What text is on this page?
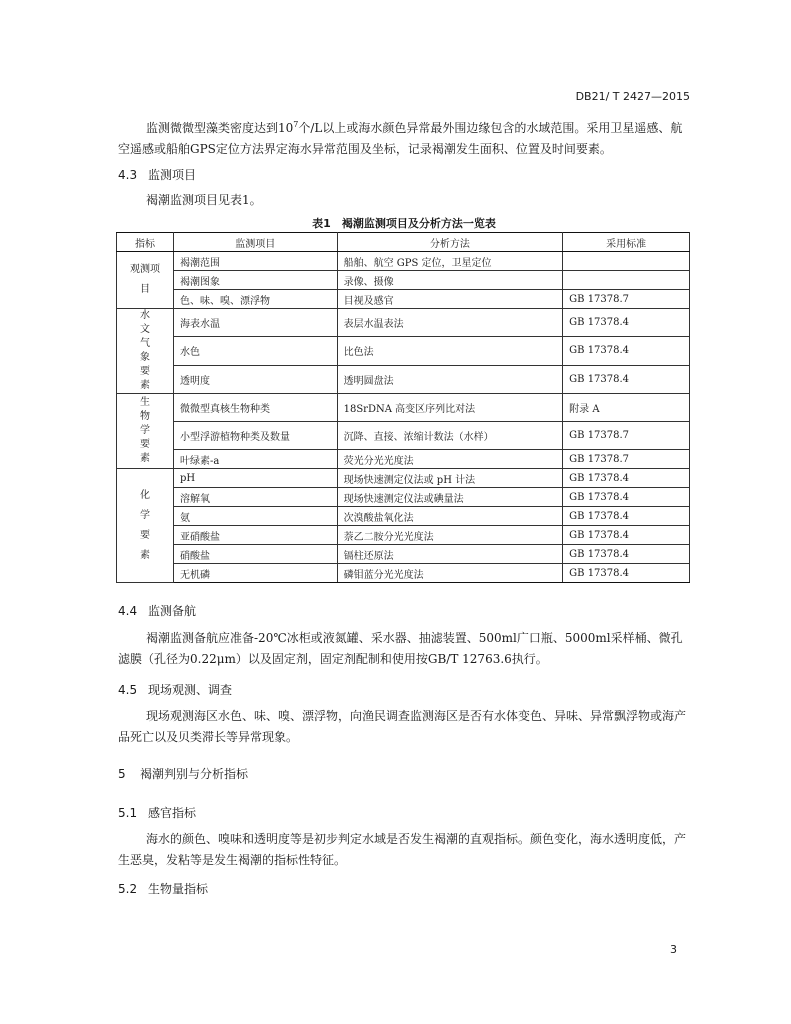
DB21/ T 2427—2015
监测微微型藻类密度达到$10^7$个/L以上或海水颜色异常最外围边缘包含的水域范围。采用卫星遥感、航空遥感或船舶GPS定位方法界定海水异常范围及坐标，记录褐潮发生面积、位置及时间要素。
4.3 监测项目
褐潮监测项目见表1。
表1　褐潮监测项目及分析方法一览表
指标	监测项目	分析方法	采用标准
观测项目	褐潮范围	船舶、航空 GPS 定位，卫星定位	
	褐潮图象	录像、摄像	
	色、味、嗅、漂浮物	目视及感官	GB 17378.7
水文气象要素	海表水温	表层水温表法	GB 17378.4
	水色	比色法	GB 17378.4
	透明度	透明圆盘法	GB 17378.4
生物学要素	微微型真核生物种类	18SrDNA 高变区序列比对法	附录 A
	小型浮游植物种类及数量	沉降、直接、浓缩计数法（水样）	GB 17378.7
	叶绿素-a	荧光分光光度法	GB 17378.7
化学要素	pH	现场快速测定仪法或 pH 计法	GB 17378.4
	溶解氧	现场快速测定仪法或碘量法	GB 17378.4
	氨	次溴酸盐氧化法	GB 17378.4
	亚硝酸盐	萘乙二胺分光光度法	GB 17378.4
	硝酸盐	镉柱还原法	GB 17378.4
	无机磷	磷钼蓝分光光度法	GB 17378.4
4.4 监测备航
褐潮监测备航应准备-20℃冰柜或液氮罐、采水器、抽滤装置、500ml广口瓶、5000ml采样桶、微孔滤膜（孔径为0.22μm）以及固定剂，固定剂配制和使用按GB/T 12763.6执行。
4.5 现场观测、调查
现场观测海区水色、味、嗅、漂浮物，向渔民调查监测海区是否有水体变色、异味、异常飘浮物或海产品死亡以及贝类滞长等异常现象。
5 褐潮判别与分析指标
5.1 感官指标
海水的颜色、嗅味和透明度等是初步判定水域是否发生褐潮的直观指标。颜色变化，海水透明度低，产生恶臭，发粘等是发生褐潮的指标性特征。
5.2 生物量指标
3
